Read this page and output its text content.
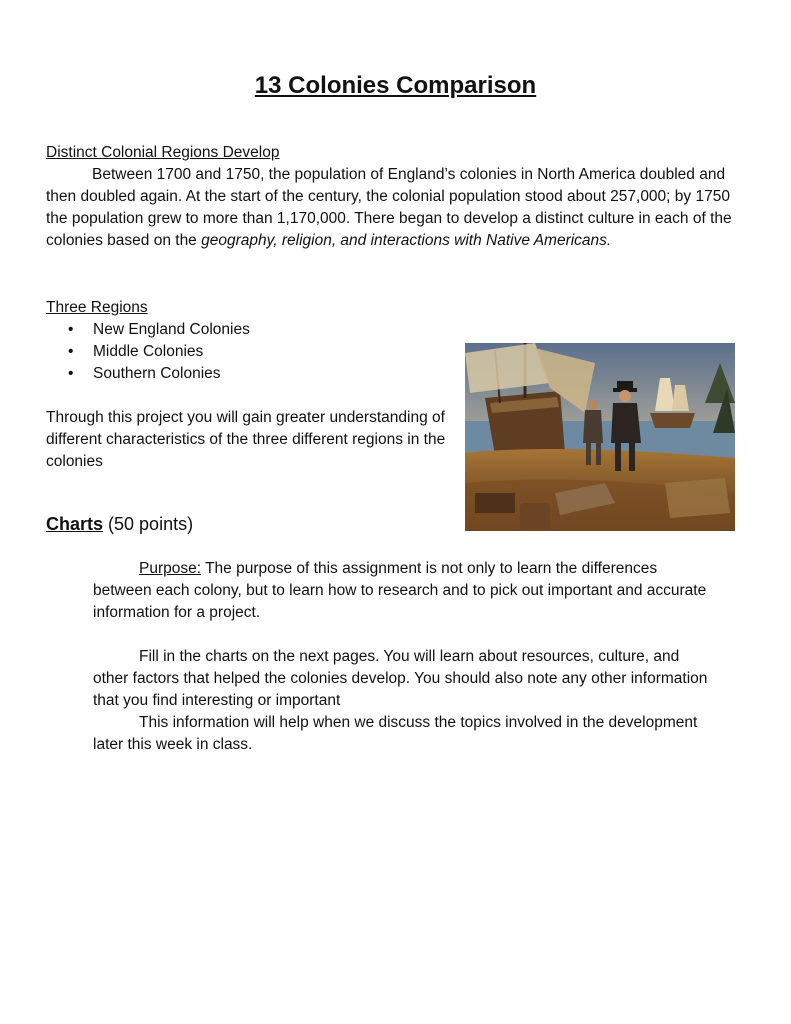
13 Colonies Comparison
Distinct Colonial Regions Develop

Between 1700 and 1750, the population of England’s colonies in North America doubled and then doubled again. At the start of the century, the colonial population stood about 257,000; by 1750 the population grew to more than 1,170,000. There began to develop a distinct culture in each of the colonies based on the geography, religion, and interactions with Native Americans.

Three Regions
• New England Colonies
• Middle Colonies
• Southern Colonies

Through this project you will gain greater understanding of different characteristics of the three different regions in the colonies

Charts (50 points)

Purpose: The purpose of this assignment is not only to learn the differences between each colony, but to learn how to research and to pick out important and accurate information for a project.

Fill in the charts on the next pages. You will learn about resources, culture, and other factors that helped the colonies develop. You should also note any other information that you find interesting or important

This information will help when we discuss the topics involved in the development later this week in class.
